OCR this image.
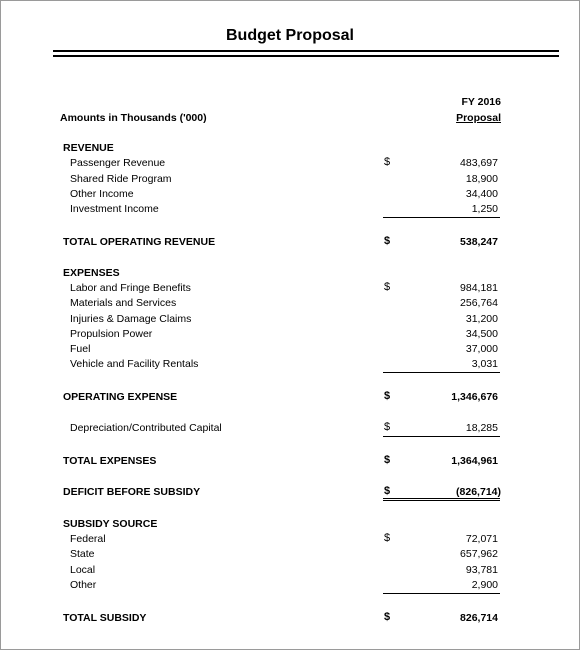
Budget Proposal
Amounts in Thousands ('000)
FY 2016
Proposal
REVENUE
Passenger Revenue	$	483,697
Shared Ride Program	18,900
Other Income	34,400
Investment Income	1,250
TOTAL OPERATING REVENUE	$	538,247
EXPENSES
Labor and Fringe Benefits	$	984,181
Materials and Services	256,764
Injuries & Damage Claims	31,200
Propulsion Power	34,500
Fuel	37,000
Vehicle and Facility Rentals	3,031
OPERATING EXPENSE	$	1,346,676
Depreciation/Contributed Capital	$	18,285
TOTAL EXPENSES	$	1,364,961
DEFICIT BEFORE SUBSIDY	$	(826,714)
SUBSIDY SOURCE
Federal	$	72,071
State	657,962
Local	93,781
Other	2,900
TOTAL SUBSIDY	$	826,714
